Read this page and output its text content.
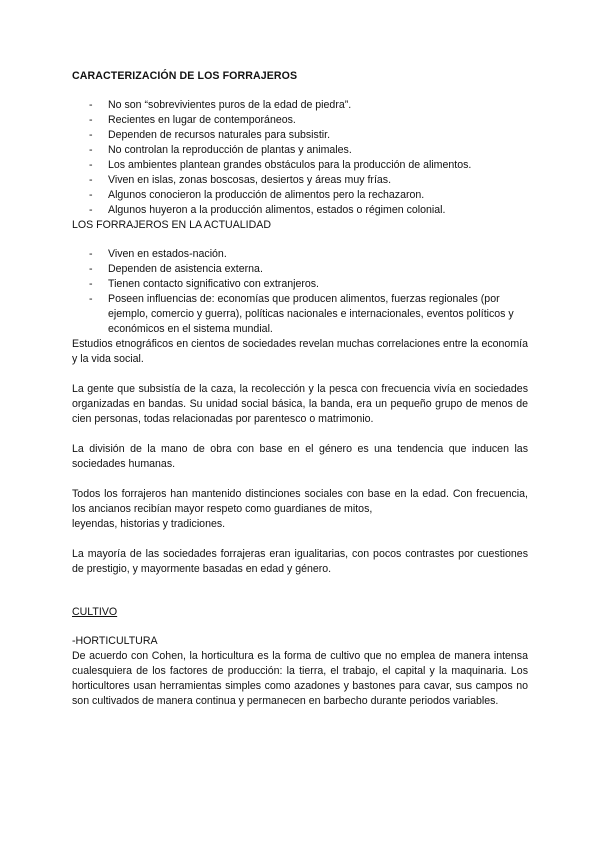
CARACTERIZACIÓN DE LOS FORRAJEROS
- No son “sobrevivientes puros de la edad de piedra”.
- Recientes en lugar de contemporáneos.
- Dependen de recursos naturales para subsistir.
- No controlan la reproducción de plantas y animales.
- Los ambientes plantean grandes obstáculos para la producción de alimentos.
- Viven en islas, zonas boscosas, desiertos y áreas muy frías.
- Algunos conocieron la producción de alimentos pero la rechazaron.
- Algunos huyeron a la producción alimentos, estados o régimen colonial.
LOS FORRAJEROS EN LA ACTUALIDAD
- Viven en estados-nación.
- Dependen de asistencia externa.
- Tienen contacto significativo con extranjeros.
- Poseen influencias de: economías que producen alimentos, fuerzas regionales (por ejemplo, comercio y guerra), políticas nacionales e internacionales, eventos políticos y económicos en el sistema mundial.

Estudios etnográficos en cientos de sociedades revelan muchas correlaciones entre la economía y la vida social.

La gente que subsistía de la caza, la recolección y la pesca con frecuencia vivía en sociedades organizadas en bandas. Su unidad social básica, la banda, era un pequeño grupo de menos de cien personas, todas relacionadas por parentesco o matrimonio.

La división de la mano de obra con base en el género es una tendencia que inducen las sociedades humanas.

Todos los forrajeros han mantenido distinciones sociales con base en la edad. Con frecuencia, los ancianos recibían mayor respeto como guardianes de mitos,
leyendas, historias y tradiciones.

La mayoría de las sociedades forrajeras eran igualitarias, con pocos contrastes por cuestiones de prestigio, y mayormente basadas en edad y género.

CULTIVO
-HORTICULTURA

De acuerdo con Cohen, la horticultura es la forma de cultivo que no emplea de manera intensa cualesquiera de los factores de producción: la tierra, el trabajo, el capital y la maquinaria. Los horticultores usan herramientas simples como azadones y bastones para cavar, sus campos no son cultivados de manera continua y permanecen en barbecho durante periodos variables.
